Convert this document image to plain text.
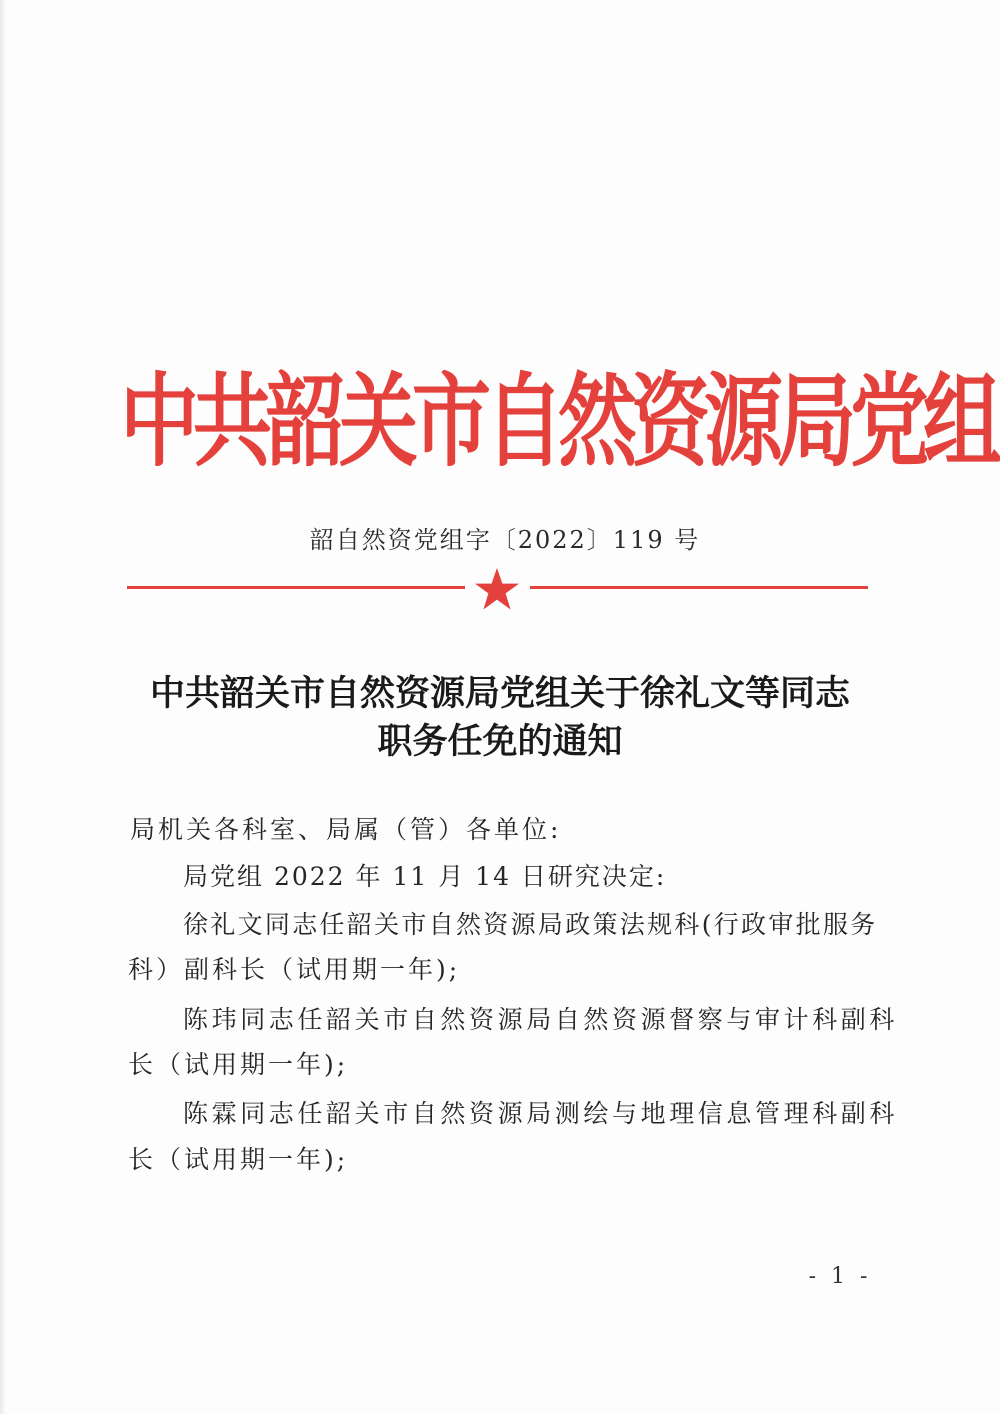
中共韶关市自然资源局党组
韶自然资党组字〔2022〕119 号
中共韶关市自然资源局党组关于徐礼文等同志
职务任免的通知
局机关各科室、局属（管）各单位:
局党组 2022 年 11 月 14 日研究决定:
徐礼文同志任韶关市自然资源局政策法规科(行政审批服务
科）副科长（试用期一年);
陈玮同志任韶关市自然资源局自然资源督察与审计科副科
长（试用期一年);
陈霖同志任韶关市自然资源局测绘与地理信息管理科副科
长（试用期一年);
- 1 -
